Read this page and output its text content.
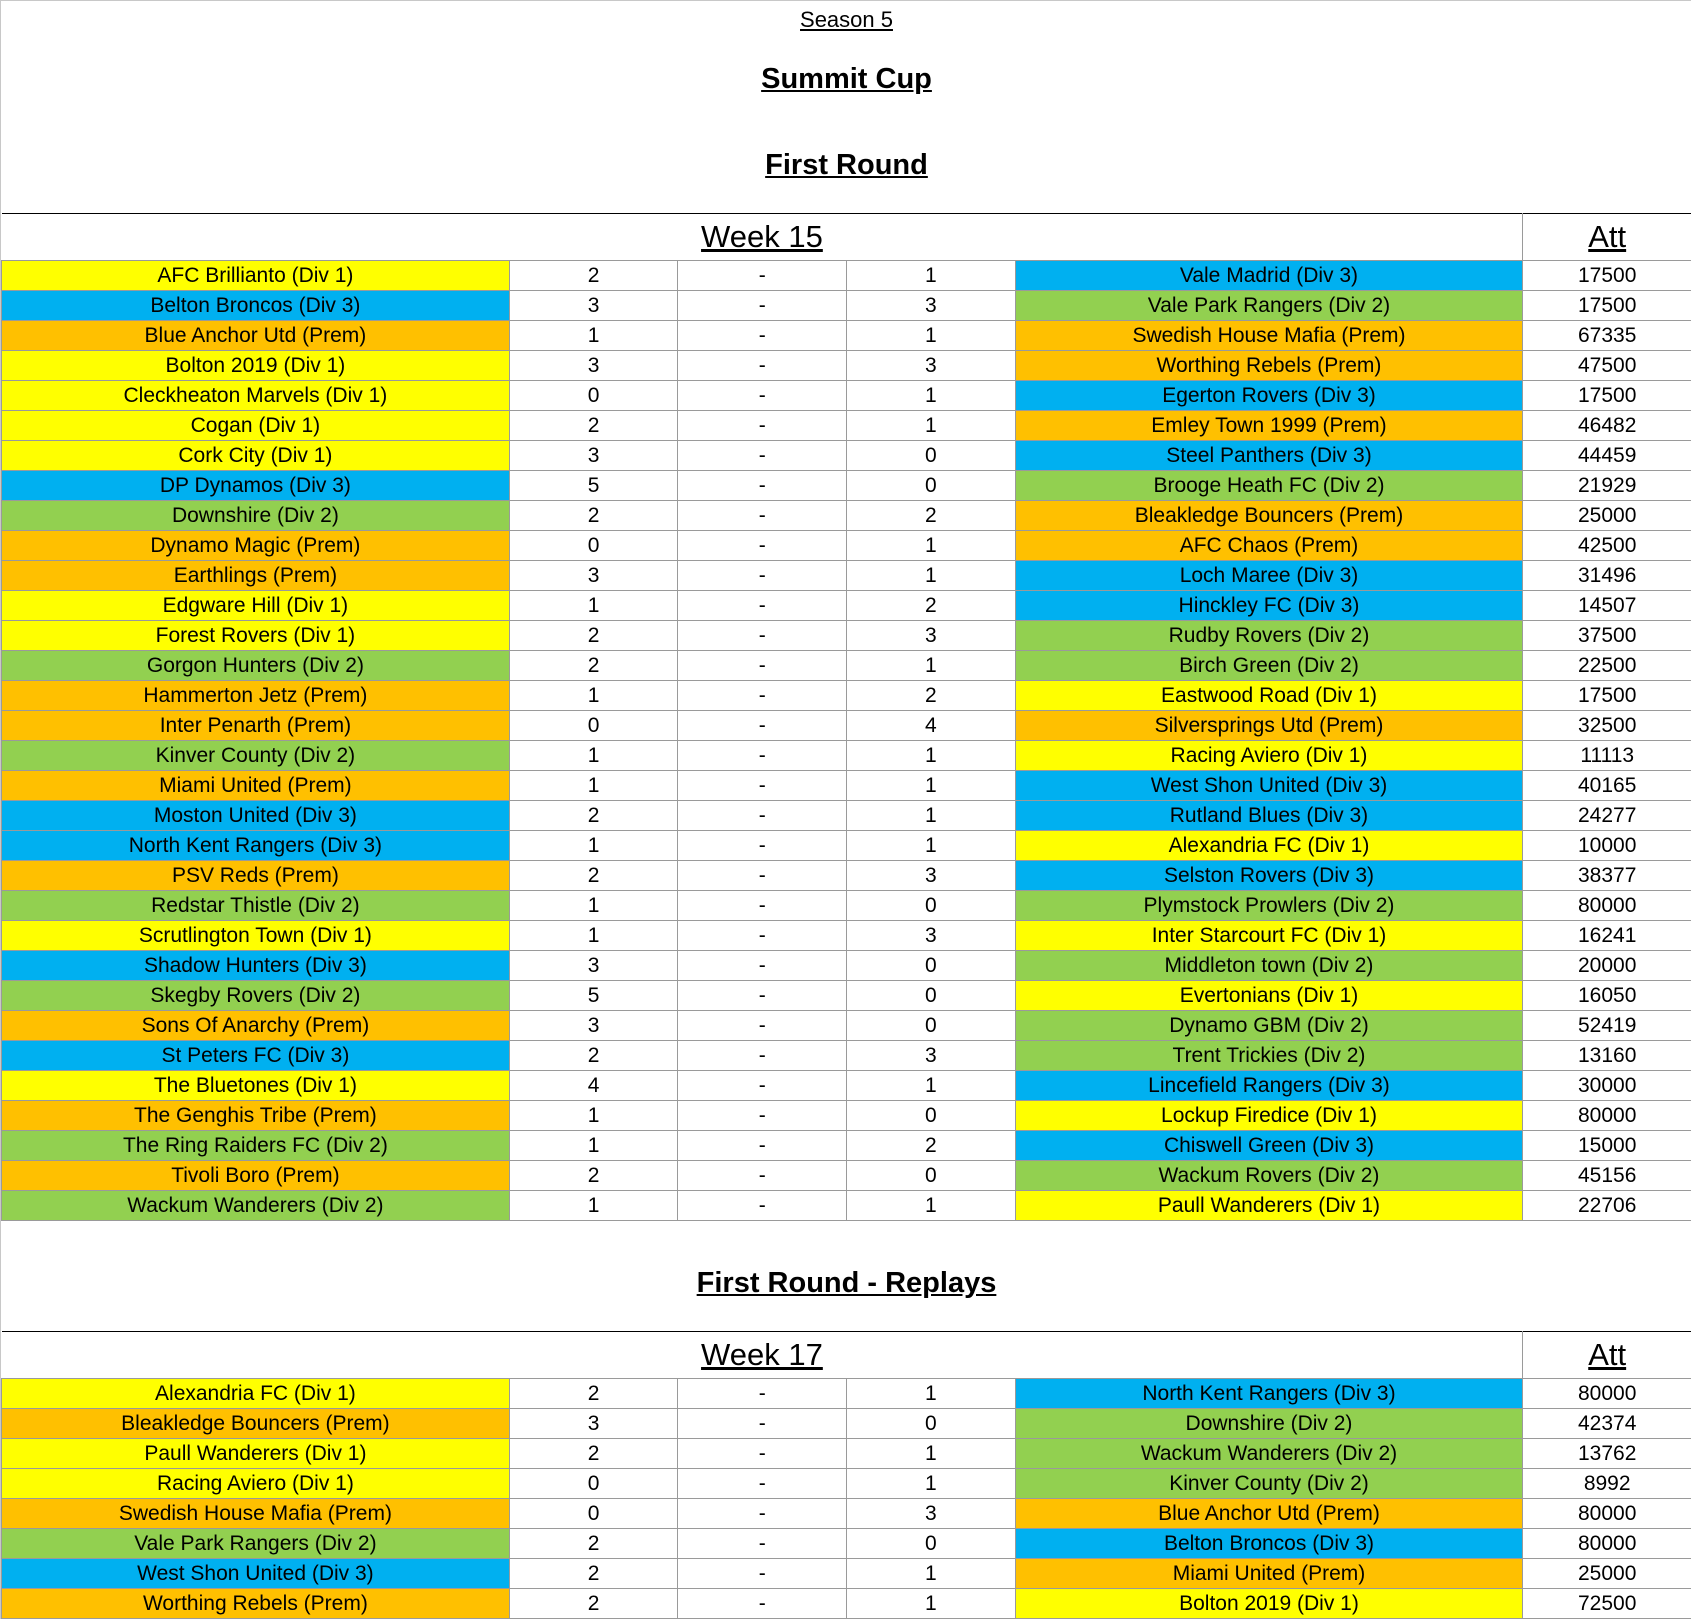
Season 5
Summit Cup
First Round
Week 15					Att
AFC Brillianto (Div 1)	2	-	1	Vale Madrid (Div 3)	17500
Belton Broncos (Div 3)	3	-	3	Vale Park Rangers (Div 2)	17500
Blue Anchor Utd (Prem)	1	-	1	Swedish House Mafia (Prem)	67335
Bolton 2019 (Div 1)	3	-	3	Worthing Rebels (Prem)	47500
Cleckheaton Marvels (Div 1)	0	-	1	Egerton Rovers (Div 3)	17500
Cogan (Div 1)	2	-	1	Emley Town 1999 (Prem)	46482
Cork City (Div 1)	3	-	0	Steel Panthers (Div 3)	44459
DP Dynamos (Div 3)	5	-	0	Brooge Heath FC (Div 2)	21929
Downshire (Div 2)	2	-	2	Bleakledge Bouncers (Prem)	25000
Dynamo Magic (Prem)	0	-	1	AFC Chaos (Prem)	42500
Earthlings (Prem)	3	-	1	Loch Maree (Div 3)	31496
Edgware Hill (Div 1)	1	-	2	Hinckley FC (Div 3)	14507
Forest Rovers (Div 1)	2	-	3	Rudby Rovers (Div 2)	37500
Gorgon Hunters (Div 2)	2	-	1	Birch Green (Div 2)	22500
Hammerton Jetz (Prem)	1	-	2	Eastwood Road (Div 1)	17500
Inter Penarth (Prem)	0	-	4	Silversprings Utd (Prem)	32500
Kinver County (Div 2)	1	-	1	Racing Aviero (Div 1)	11113
Miami United (Prem)	1	-	1	West Shon United (Div 3)	40165
Moston United (Div 3)	2	-	1	Rutland Blues (Div 3)	24277
North Kent Rangers (Div 3)	1	-	1	Alexandria FC (Div 1)	10000
PSV Reds (Prem)	2	-	3	Selston Rovers (Div 3)	38377
Redstar Thistle (Div 2)	1	-	0	Plymstock Prowlers (Div 2)	80000
Scrutlington Town (Div 1)	1	-	3	Inter Starcourt FC (Div 1)	16241
Shadow Hunters (Div 3)	3	-	0	Middleton town (Div 2)	20000
Skegby Rovers (Div 2)	5	-	0	Evertonians (Div 1)	16050
Sons Of Anarchy (Prem)	3	-	0	Dynamo GBM (Div 2)	52419
St Peters FC (Div 3)	2	-	3	Trent Trickies (Div 2)	13160
The Bluetones (Div 1)	4	-	1	Lincefield Rangers (Div 3)	30000
The Genghis Tribe (Prem)	1	-	0	Lockup Firedice (Div 1)	80000
The Ring Raiders FC (Div 2)	1	-	2	Chiswell Green (Div 3)	15000
Tivoli Boro (Prem)	2	-	0	Wackum Rovers (Div 2)	45156
Wackum Wanderers (Div 2)	1	-	1	Paull Wanderers (Div 1)	22706
First Round - Replays
Week 17					Att
Alexandria FC (Div 1)	2	-	1	North Kent Rangers (Div 3)	80000
Bleakledge Bouncers (Prem)	3	-	0	Downshire (Div 2)	42374
Paull Wanderers (Div 1)	2	-	1	Wackum Wanderers (Div 2)	13762
Racing Aviero (Div 1)	0	-	1	Kinver County (Div 2)	8992
Swedish House Mafia (Prem)	0	-	3	Blue Anchor Utd (Prem)	80000
Vale Park Rangers (Div 2)	2	-	0	Belton Broncos (Div 3)	80000
West Shon United (Div 3)	2	-	1	Miami United (Prem)	25000
Worthing Rebels (Prem)	2	-	1	Bolton 2019 (Div 1)	72500
